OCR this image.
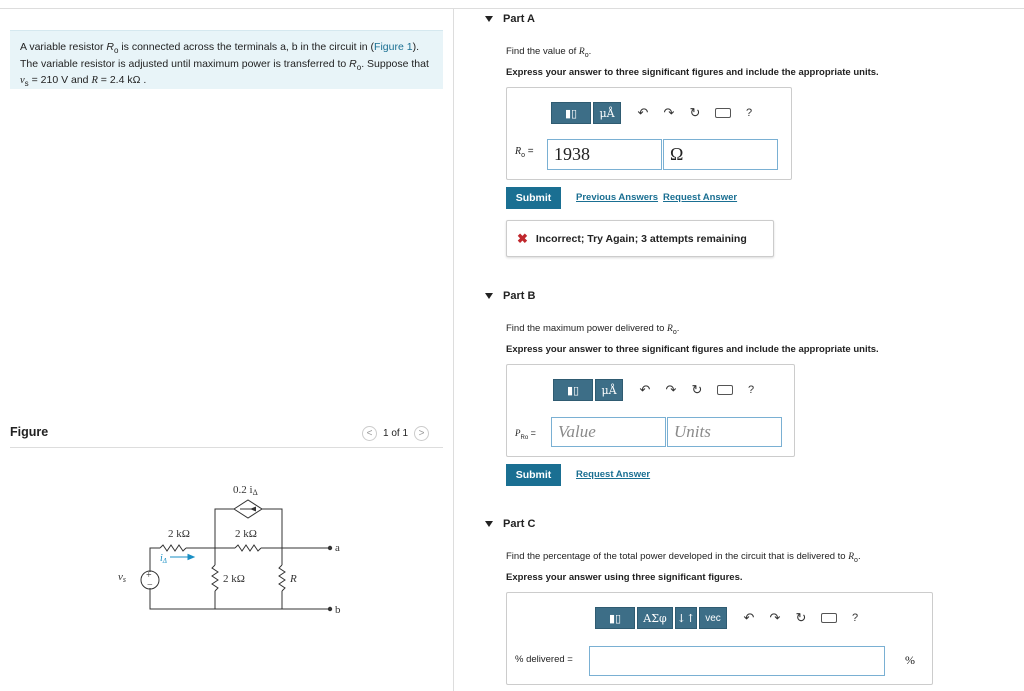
A variable resistor $R_o$ is connected across the terminals a, b in the circuit in (Figure 1). The variable resistor is adjusted until maximum power is transferred to $R_o$. Suppose that
$v_s = 210$ V and R = 2.4 kΩ .

Figure	<	1 of 1	>
0.2 iΔ
2 kΩ	2 kΩ
2 kΩ	R
a
b
vs +
−
$i_\Delta$
Part A
Find the value of $R_o$.
Express your answer to three significant figures and include the appropriate units.
▮▯	μÅ	↶	↷	↻	?
$R_o$ =	1938	Ω
Submit	Previous Answers Request Answer
✖ Incorrect; Try Again; 3 attempts remaining
Part B
Find the maximum power delivered to $R_o$.
Express your answer to three significant figures and include the appropriate units.
▮▯	μÅ	↶	↷	↻	?
$P_{Ro}$ =	Value	Units
Submit	Request Answer
Part C
Find the percentage of the total power developed in the circuit that is delivered to $R_o$.
Express your answer using three significant figures.
▮▯	ΑΣφ ↓↑	vec	↶	↷	↻	?
% delivered =	%
